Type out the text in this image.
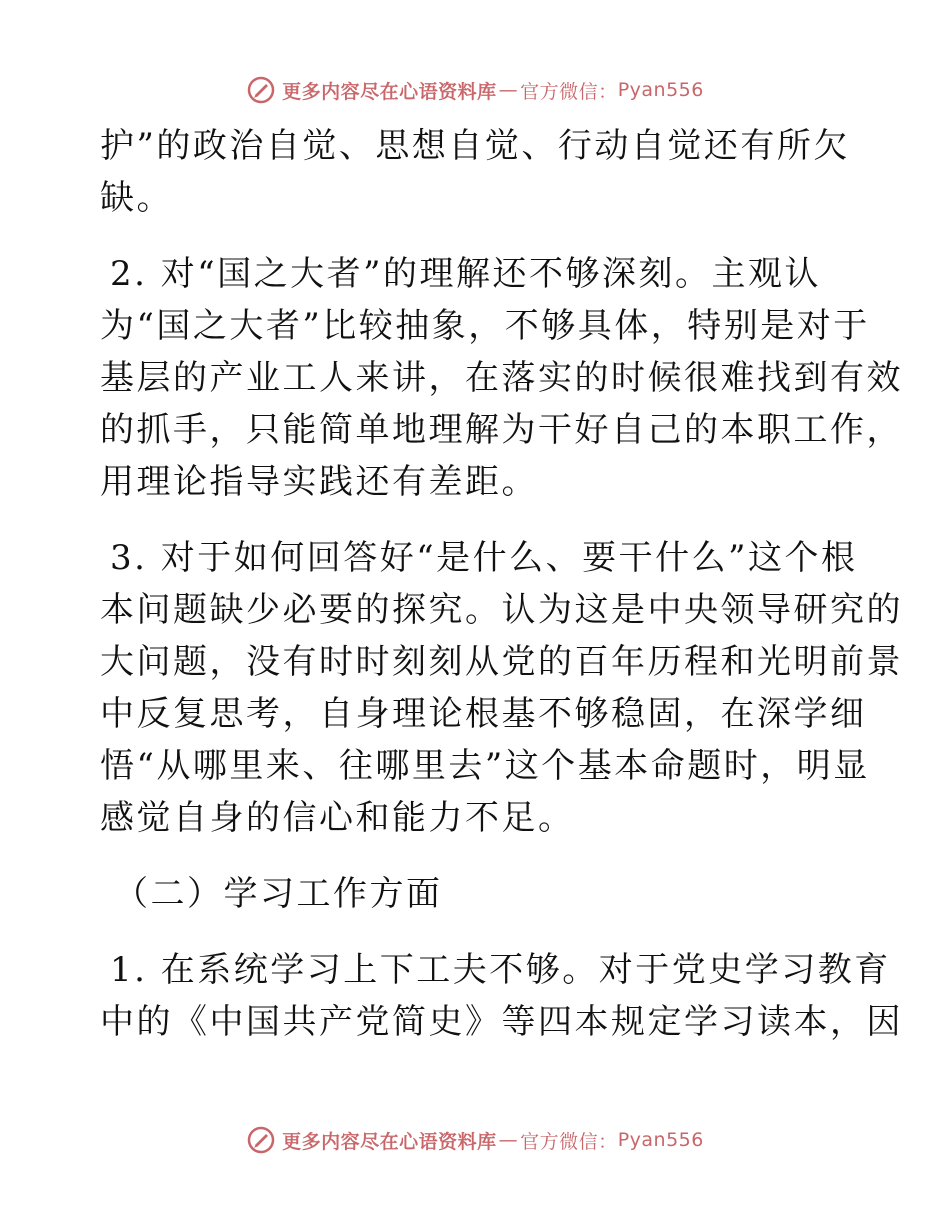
更多内容尽在心语资料库 — 官方微信： Pyan556
护”的政治自觉、思想自觉、行动自觉还有所欠
缺。
2. 对“国之大者”的理解还不够深刻。主观认
为“国之大者”比较抽象，不够具体，特别是对于
基层的产业工人来讲，在落实的时候很难找到有效
的抓手，只能简单地理解为干好自己的本职工作，
用理论指导实践还有差距。
3. 对于如何回答好“是什么、要干什么”这个根
本问题缺少必要的探究。认为这是中央领导研究的
大问题，没有时时刻刻从党的百年历程和光明前景
中反复思考，自身理论根基不够稳固，在深学细
悟“从哪里来、往哪里去”这个基本命题时，明显
感觉自身的信心和能力不足。
（二）学习工作方面
1. 在系统学习上下工夫不够。对于党史学习教育
中的《中国共产党简史》等四本规定学习读本，因
更多内容尽在心语资料库 — 官方微信： Pyan556
